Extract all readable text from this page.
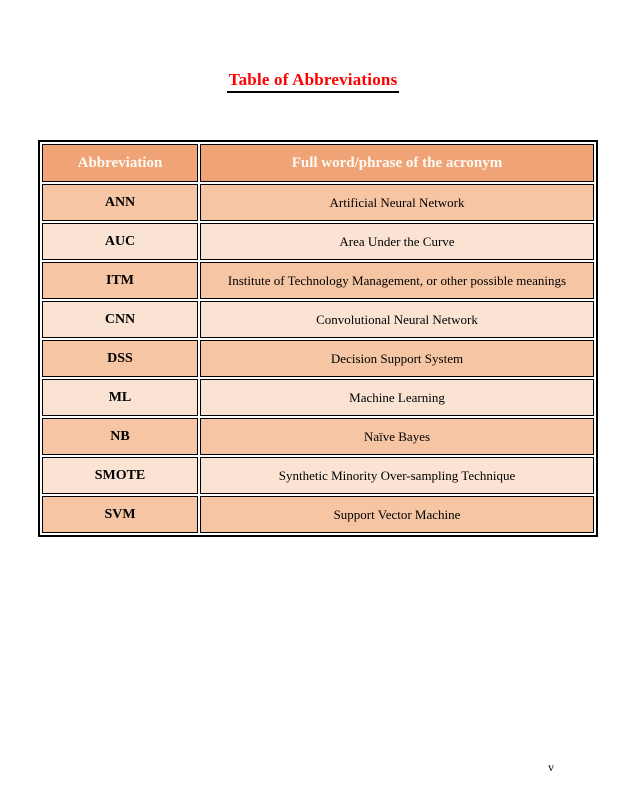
Table of Abbreviations
Abbreviation	Full word/phrase of the acronym
ANN	Artificial Neural Network
AUC	Area Under the Curve
ITM	Institute of Technology Management, or other possible meanings
CNN	Convolutional Neural Network
DSS	Decision Support System
ML	Machine Learning
NB	Naïve Bayes
SMOTE	Synthetic Minority Over-sampling Technique
SVM	Support Vector Machine
v
